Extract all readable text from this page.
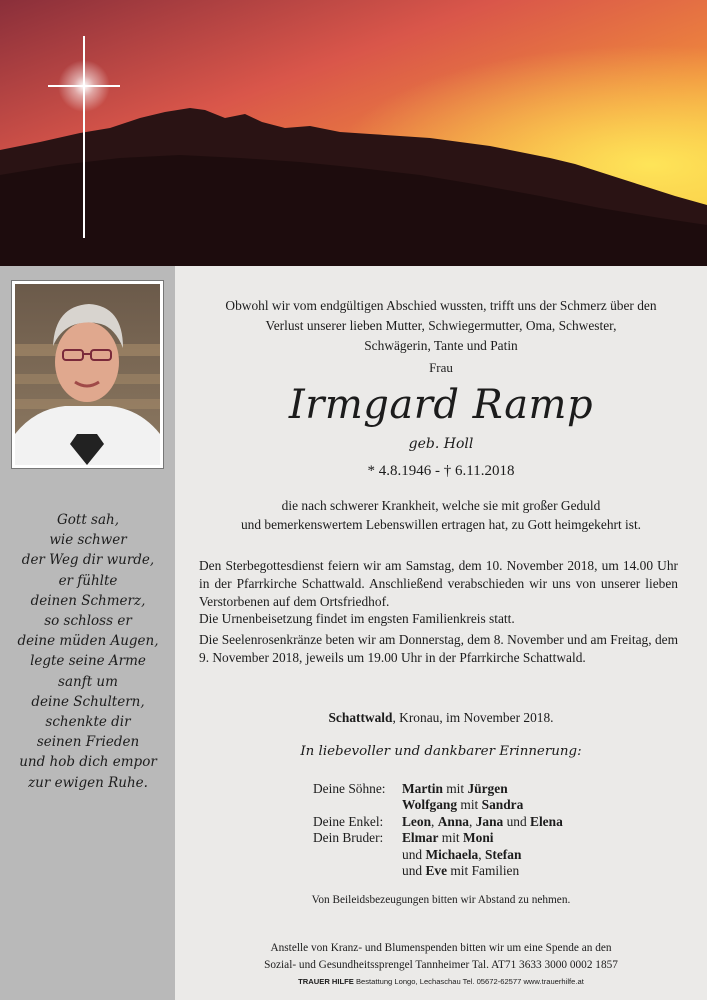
Gott sah,
wie schwer
der Weg dir wurde,
er fühlte
deinen Schmerz,
so schloss er
deine müden Augen,
legte seine Arme
sanft um
deine Schultern,
schenkte dir
seinen Frieden
und hob dich empor
zur ewigen Ruhe.
Obwohl wir vom endgültigen Abschied wussten, trifft uns der Schmerz über den
Verlust unserer lieben Mutter, Schwiegermutter, Oma, Schwester,
Schwägerin, Tante und Patin
Frau
Irmgard Ramp
geb. Holl
* 4.8.1946 - † 6.11.2018
die nach schwerer Krankheit, welche sie mit großer Geduld
und bemerkenswertem Lebenswillen ertragen hat, zu Gott heimgekehrt ist.
Den Sterbegottesdienst feiern wir am Samstag, dem 10. November 2018, um 14.00 Uhr in der Pfarrkirche Schattwald. Anschließend verabschieden wir uns von unserer lieben Verstorbenen auf dem Ortsfriedhof.
Die Urnenbeisetzung findet im engsten Familienkreis statt.
Die Seelenrosenkränze beten wir am Donnerstag, dem 8. November und am Freitag, dem 9. November 2018, jeweils um 19.00 Uhr in der Pfarrkirche Schattwald.
Schattwald, Kronau, im November 2018.
In liebevoller und dankbarer Erinnerung:
Deine Söhne:	Martin mit Jürgen
Wolfgang mit Sandra
Deine Enkel:	Leon, Anna, Jana und Elena
Dein Bruder:	Elmar mit Moni
und Michaela, Stefan
und Eve mit Familien
Von Beileidsbezeugungen bitten wir Abstand zu nehmen.
Anstelle von Kranz- und Blumenspenden bitten wir um eine Spende an den
Sozial- und Gesundheitssprengel Tannheimer Tal. AT71 3633 3000 0002 1857
TRAUER HILFE Bestattung Longo, Lechaschau Tel. 05672-62577 www.trauerhilfe.at
